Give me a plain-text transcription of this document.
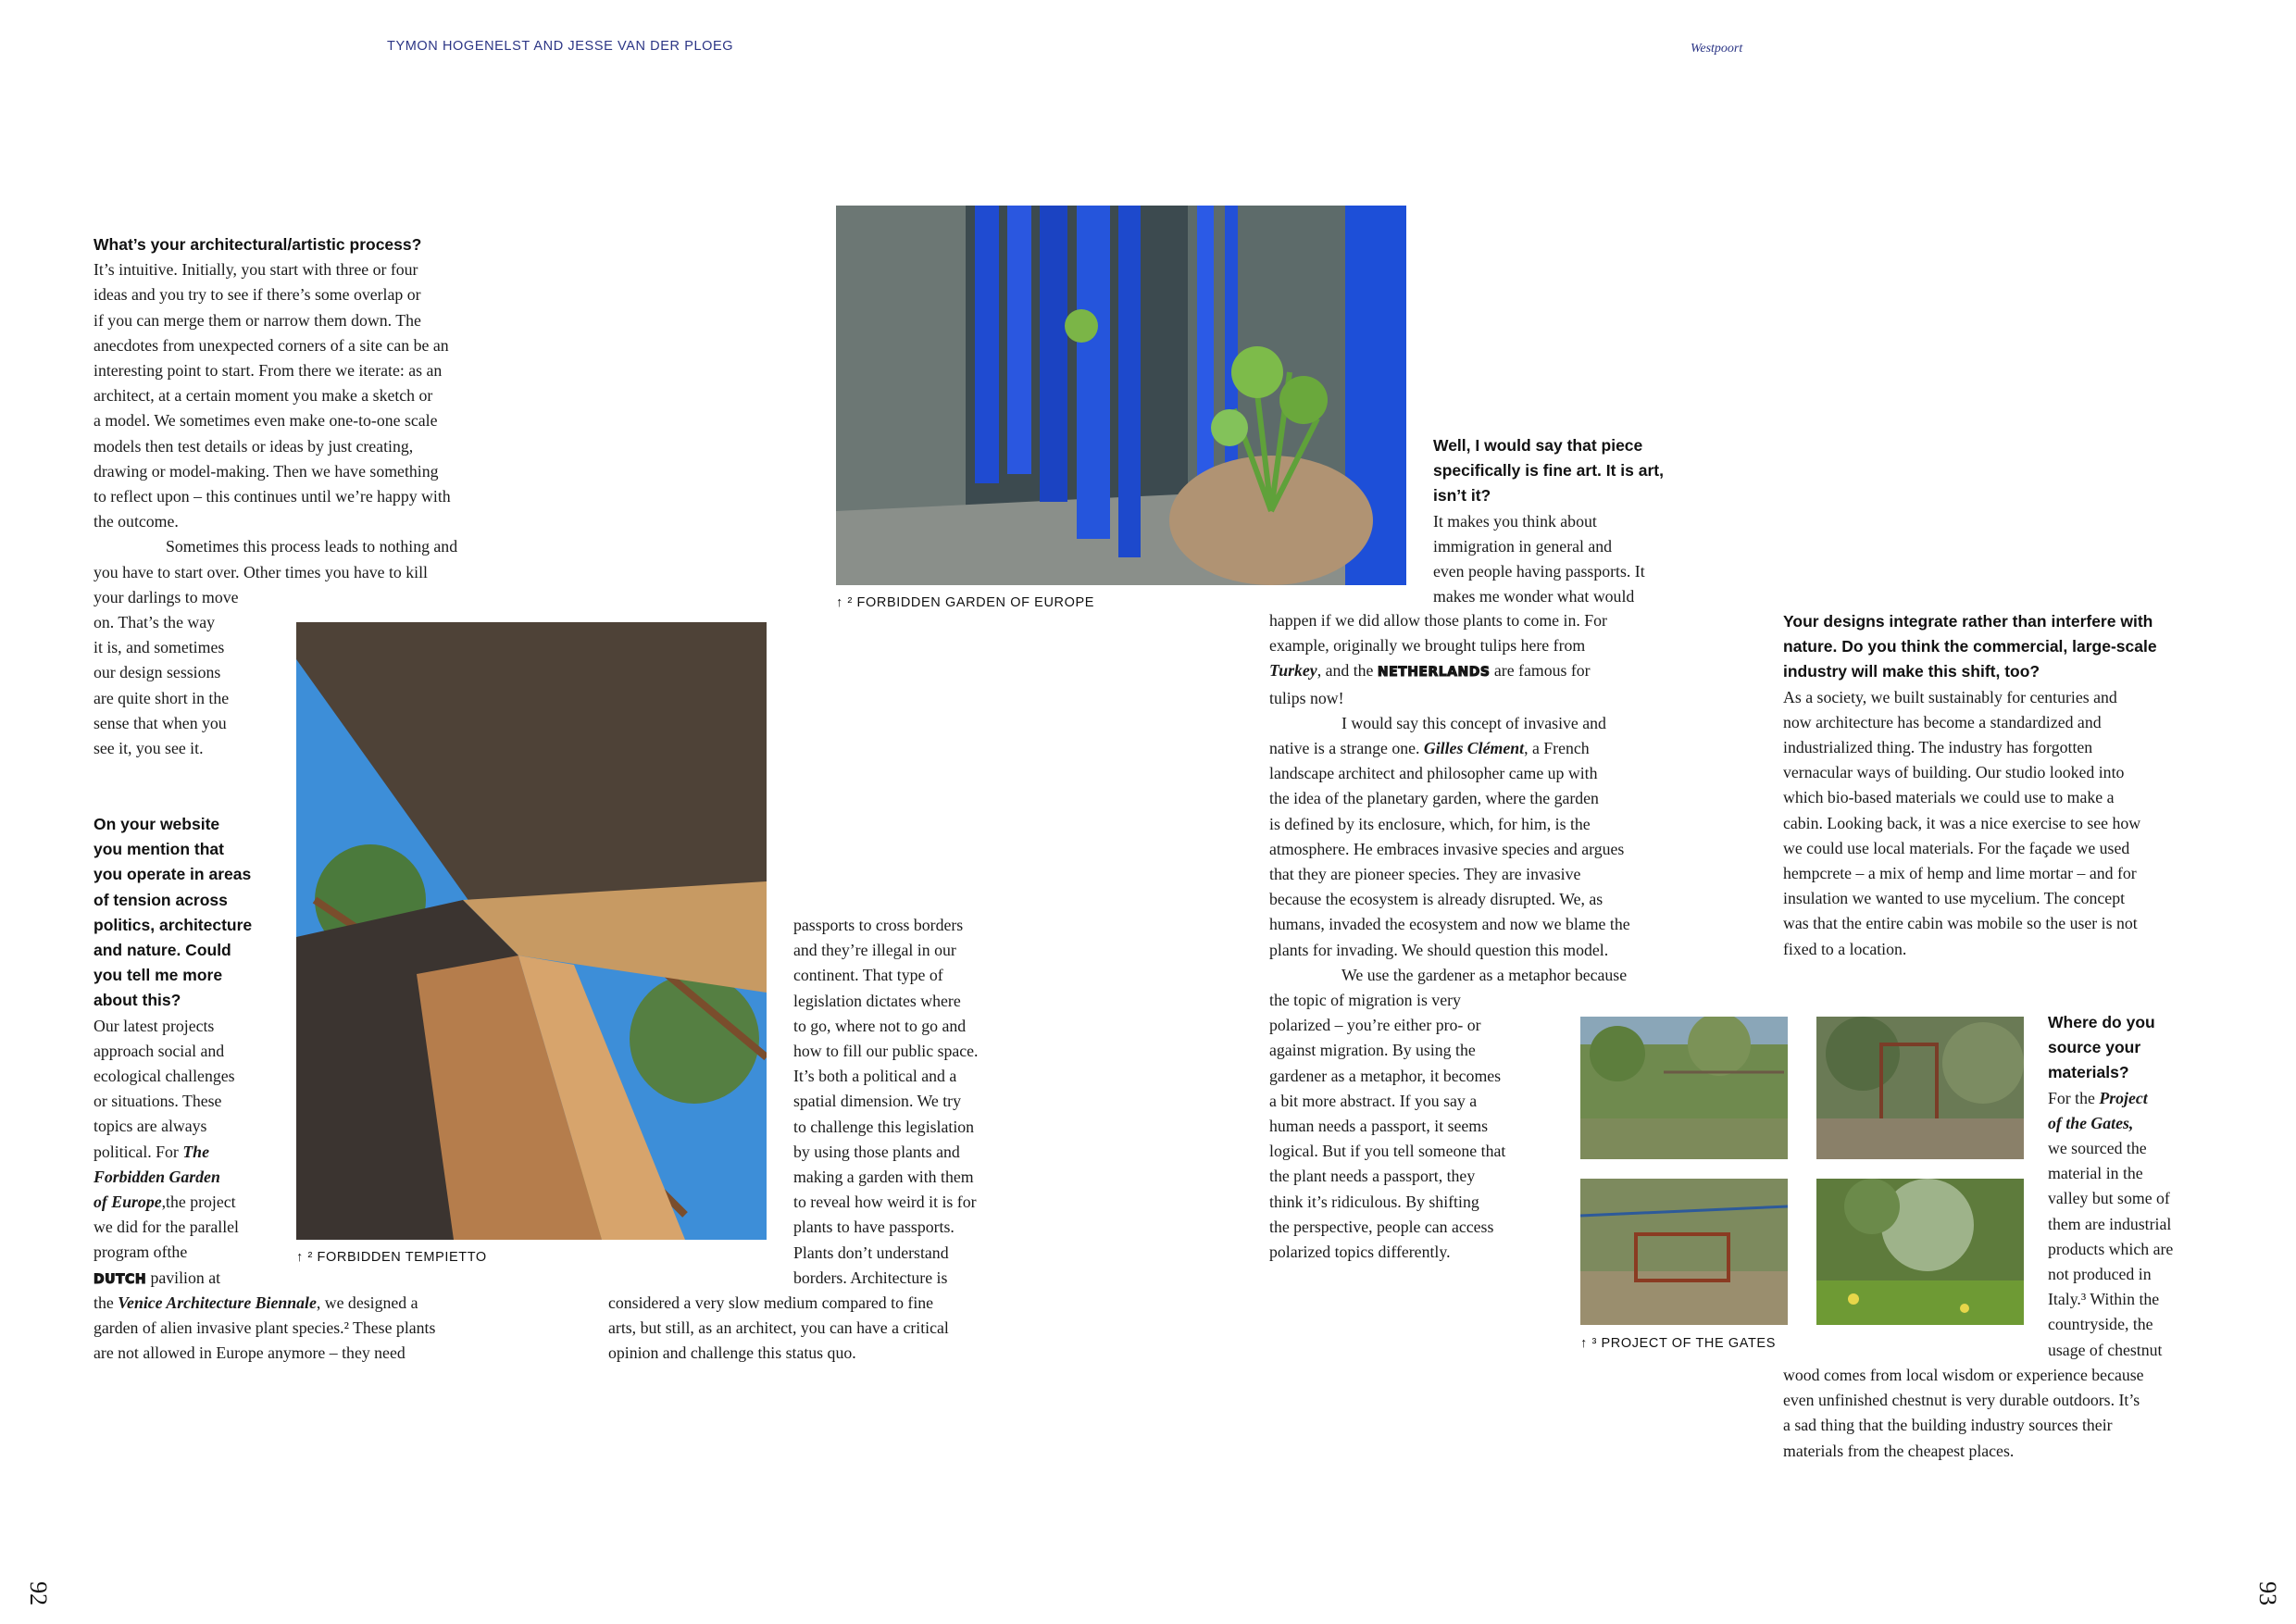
TYMON HOGENELST AND JESSE VAN DER PLOEG	Westpoort
92	93

What’s your architectural/artistic process?

It’s intuitive. Initially, you start with three or four

ideas and you try to see if there’s some overlap or

if you can merge them or narrow them down. The

anecdotes from unexpected corners of a site can be an

interesting point to start. From there we iterate: as an

architect, at a certain moment you make a sketch or

a model. We sometimes even make one-to-one scale

models then test details or ideas by just creating,

drawing or model-making. Then we have something

to reflect upon – this continues until we’re happy with

the outcome.

Sometimes this process leads to nothing and

you have to start over. Other times you have to kill

your darlings to move

on. That’s the way

it is, and sometimes

our design sessions

are quite short in the

sense that when you

see it, you see it.

On your website

you mention that

you operate in areas

of tension across

politics, architecture

and nature. Could

you tell me more

about this?

Our latest projects

approach social and

ecological challenges

or situations. These

topics are always

political. For The

Forbidden Garden

of Europe,the project

we did for the parallel

program ofthe

DUTCH pavilion at

the Venice Architecture Biennale, we designed a

garden of alien invasive plant species.² These plants

are not allowed in Europe anymore – they need

passports to cross borders

and they’re illegal in our

continent. That type of

legislation dictates where

to go, where not to go and

how to fill our public space.

It’s both a political and a

spatial dimension. We try

to challenge this legislation

by using those plants and

making a garden with them

to reveal how weird it is for

plants to have passports.

Plants don’t understand

borders. Architecture is

considered a very slow medium compared to fine

arts, but still, as an architect, you can have a critical

opinion and challenge this status quo.

↑ ² FORBIDDEN GARDEN OF EUROPE
↑ ² FORBIDDEN TEMPIETTO

Well, I would say that piece

specifically is fine art. It is art,

isn’t it?

It makes you think about

immigration in general and

even people having passports. It

makes me wonder what would

happen if we did allow those plants to come in. For

example, originally we brought tulips here from

Turkey, and the NETHERLANDS are famous for

tulips now!

I would say this concept of invasive and

native is a strange one. Gilles Clément, a French

landscape architect and philosopher came up with

the idea of the planetary garden, where the garden

is defined by its enclosure, which, for him, is the

atmosphere. He embraces invasive species and argues

that they are pioneer species. They are invasive

because the ecosystem is already disrupted. We, as

humans, invaded the ecosystem and now we blame the

plants for invading. We should question this model.

We use the gardener as a metaphor because

the topic of migration is very

polarized – you’re either pro- or

against migration. By using the

gardener as a metaphor, it becomes

a bit more abstract. If you say a

human needs a passport, it seems

logical. But if you tell someone that

the plant needs a passport, they

think it’s ridiculous. By shifting

the perspective, people can access

polarized topics differently.

↑ ³ PROJECT OF THE GATES

Your designs integrate rather than interfere with

nature. Do you think the commercial, large-scale

industry will make this shift, too?

As a society, we built sustainably for centuries and

now architecture has become a standardized and

industrialized thing. The industry has forgotten

vernacular ways of building. Our studio looked into

which bio-based materials we could use to make a

cabin. Looking back, it was a nice exercise to see how

we could use local materials. For the façade we used

hempcrete – a mix of hemp and lime mortar – and for

insulation we wanted to use mycelium. The concept

was that the entire cabin was mobile so the user is not

fixed to a location.

Where do you

source your

materials?

For the Project

of the Gates,

we sourced the

material in the

valley but some of

them are industrial

products which are

not produced in

Italy.³ Within the

countryside, the

usage of chestnut

wood comes from local wisdom or experience because

even unfinished chestnut is very durable outdoors. It’s

a sad thing that the building industry sources their

materials from the cheapest places.
